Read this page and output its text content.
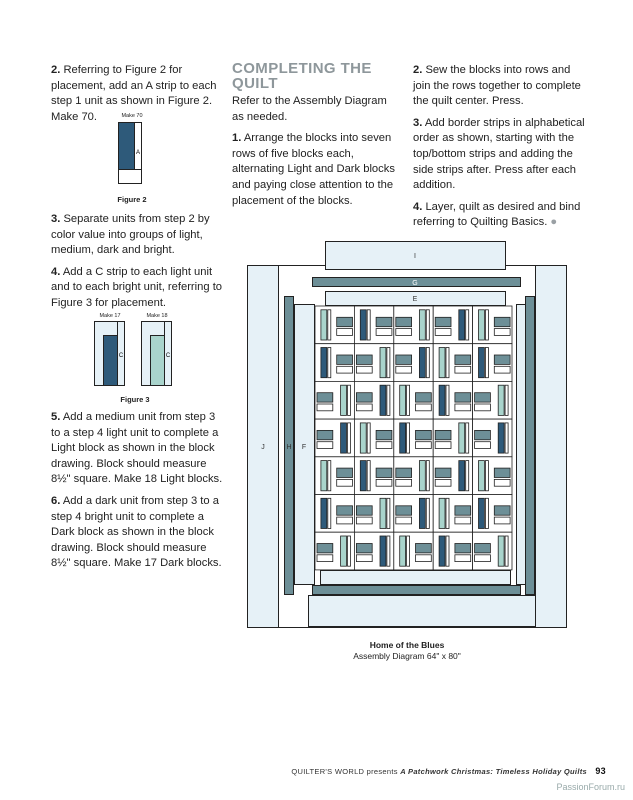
2. Referring to Figure 2 for placement, add an A strip to each step 1 unit as shown in Figure 2. Make 70.	Make 70
A
Figure 2

3. Separate units from step 2 by color value into groups of light, medium, dark and bright.

4. Add a C strip to each light unit and to each bright unit, referring to Figure 3 for placement.

Make 17	Make 18
C	C
Figure 3

5. Add a medium unit from step 3 to a step 4 light unit to complete a Light block as shown in the block drawing. Block should measure 8½" square. Make 18 Light blocks.

6. Add a dark unit from step 3 to a step 4 bright unit to complete a Dark block as shown in the block drawing. Block should measure 8½" square. Make 17 Dark blocks.

COMPLETING THE QUILT

Refer to the Assembly Diagram as needed.

1. Arrange the blocks into seven rows of five blocks each, alternating Light and Dark blocks and paying close attention to the placement of the blocks.

2. Sew the blocks into rows and join the rows together to complete the quilt center. Press.

3. Add border strips in alphabetical order as shown, starting with the top/bottom strips and adding the side strips after. Press after each addition.

4. Layer, quilt as desired and bind referring to Quilting Basics. ●

I
G
E
J	H F
Home of the Blues
Assembly Diagram 64" x 80"
QUILTER'S WORLD presents A Patchwork Christmas: Timeless Holiday Quilts 93
PassionForum.ru
